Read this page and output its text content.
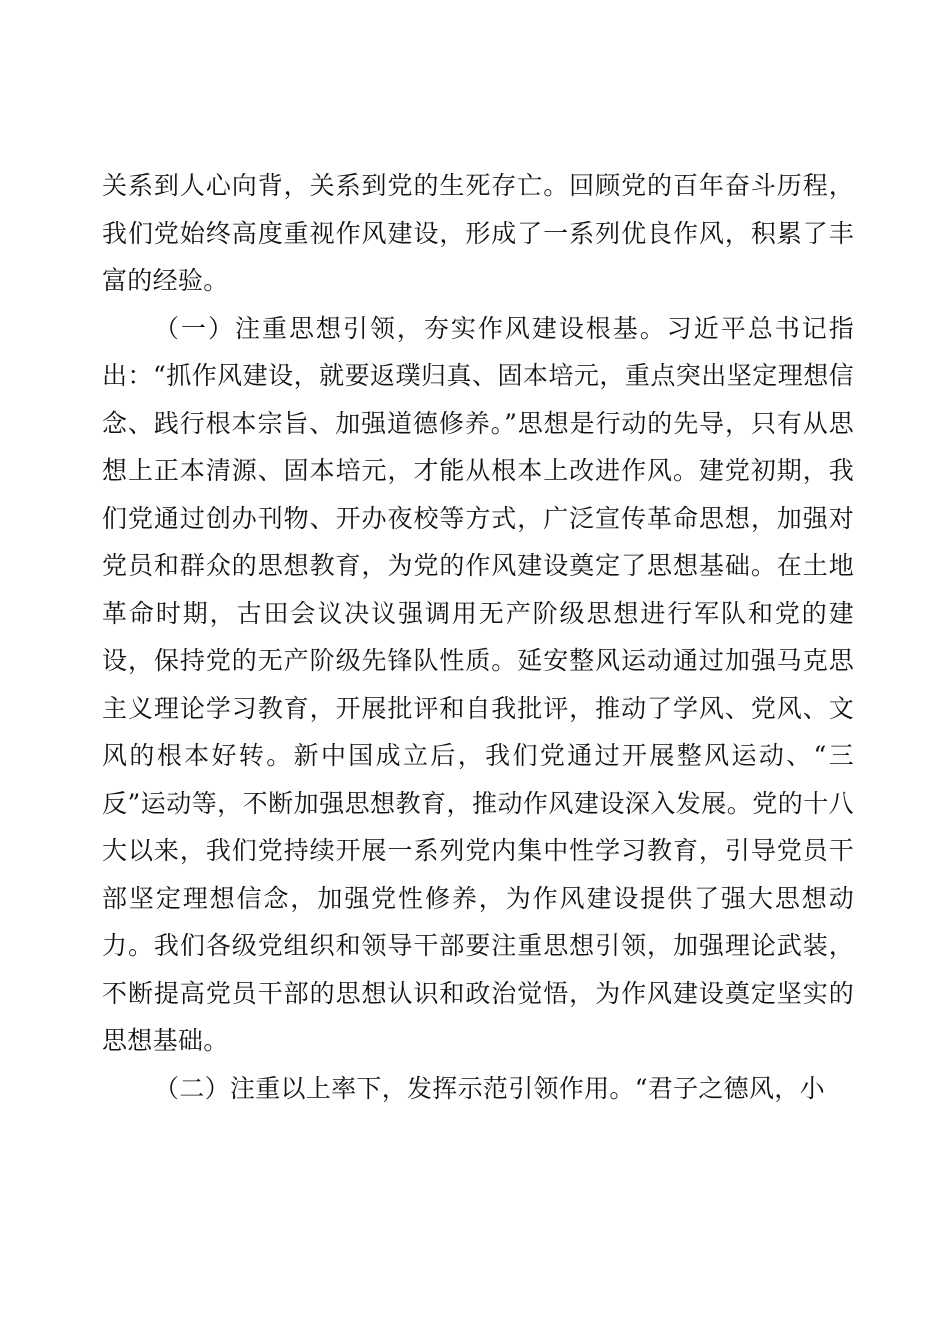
关系到人心向背，关系到党的生死存亡。回顾党的百年奋斗历程，我们党始终高度重视作风建设，形成了一系列优良作风，积累了丰富的经验。

（一）注重思想引领，夯实作风建设根基。习近平总书记指出：“抓作风建设，就要返璞归真、固本培元，重点突出坚定理想信念、践行根本宗旨、加强道德修养。”思想是行动的先导，只有从思想上正本清源、固本培元，才能从根本上改进作风。建党初期，我们党通过创办刊物、开办夜校等方式，广泛宣传革命思想，加强对党员和群众的思想教育，为党的作风建设奠定了思想基础。在土地革命时期，古田会议决议强调用无产阶级思想进行军队和党的建设，保持党的无产阶级先锋队性质。延安整风运动通过加强马克思主义理论学习教育，开展批评和自我批评，推动了学风、党风、文风的根本好转。新中国成立后，我们党通过开展整风运动、“三反”运动等，不断加强思想教育，推动作风建设深入发展。党的十八大以来，我们党持续开展一系列党内集中性学习教育，引导党员干部坚定理想信念，加强党性修养，为作风建设提供了强大思想动力。我们各级党组织和领导干部要注重思想引领，加强理论武装，不断提高党员干部的思想认识和政治觉悟，为作风建设奠定坚实的思想基础。

（二）注重以上率下，发挥示范引领作用。“君子之德风，小
